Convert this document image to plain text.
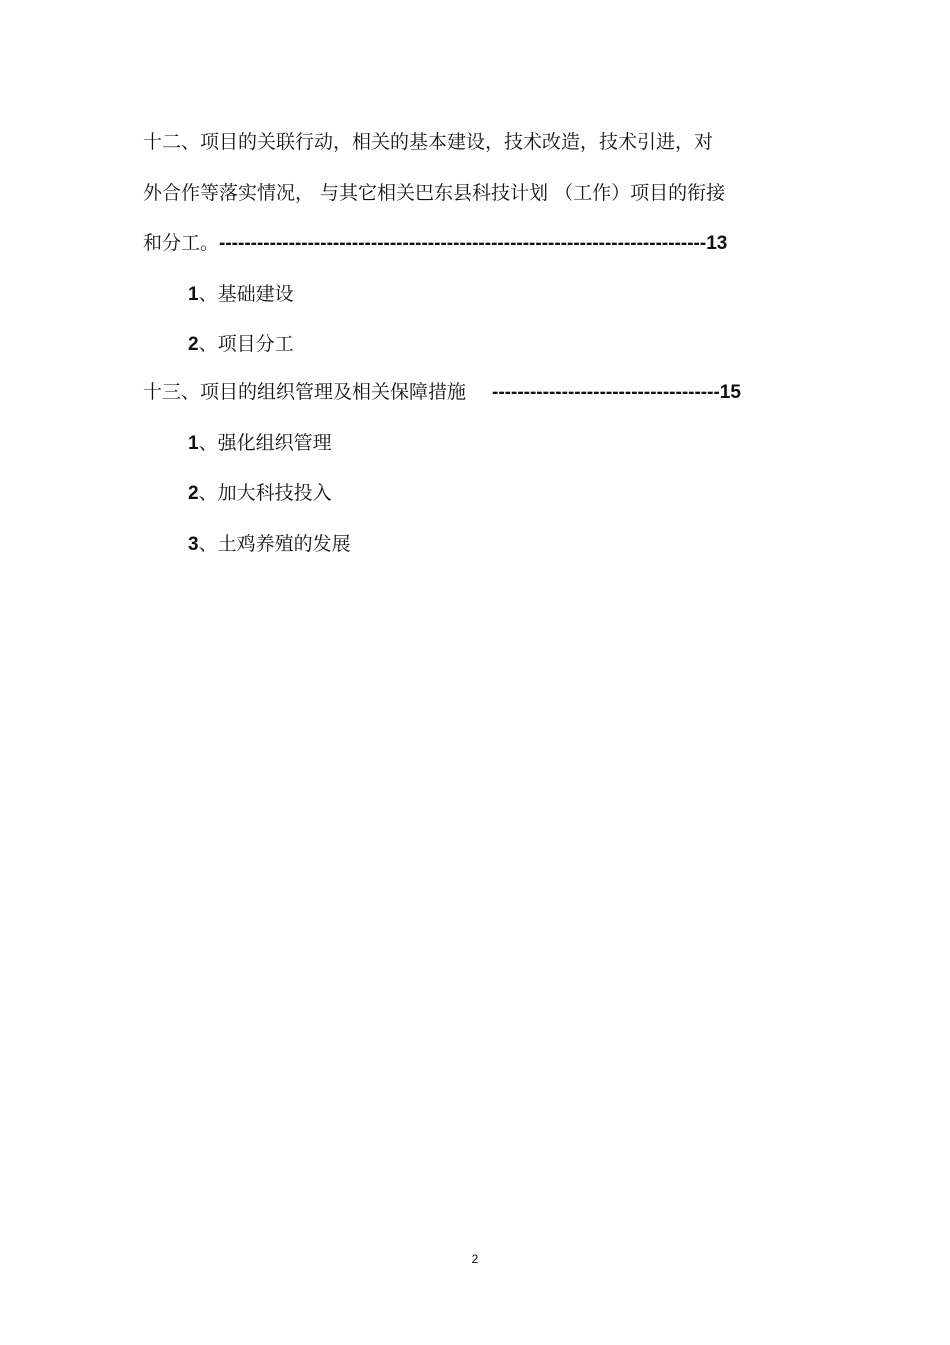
十二、项目的关联行动，相关的基本建设，技术改造，技术引进，对
外合作等落实情况， 与其它相关巴东县科技计划 （工作）项目的衔接
和分工。-----------------------------------------------------------------------------13
1、基础建设
2、项目分工
十三、项目的组织管理及相关保障措施 ------------------------------------15
1、强化组织管理
2、加大科技投入
3、土鸡养殖的发展
2
